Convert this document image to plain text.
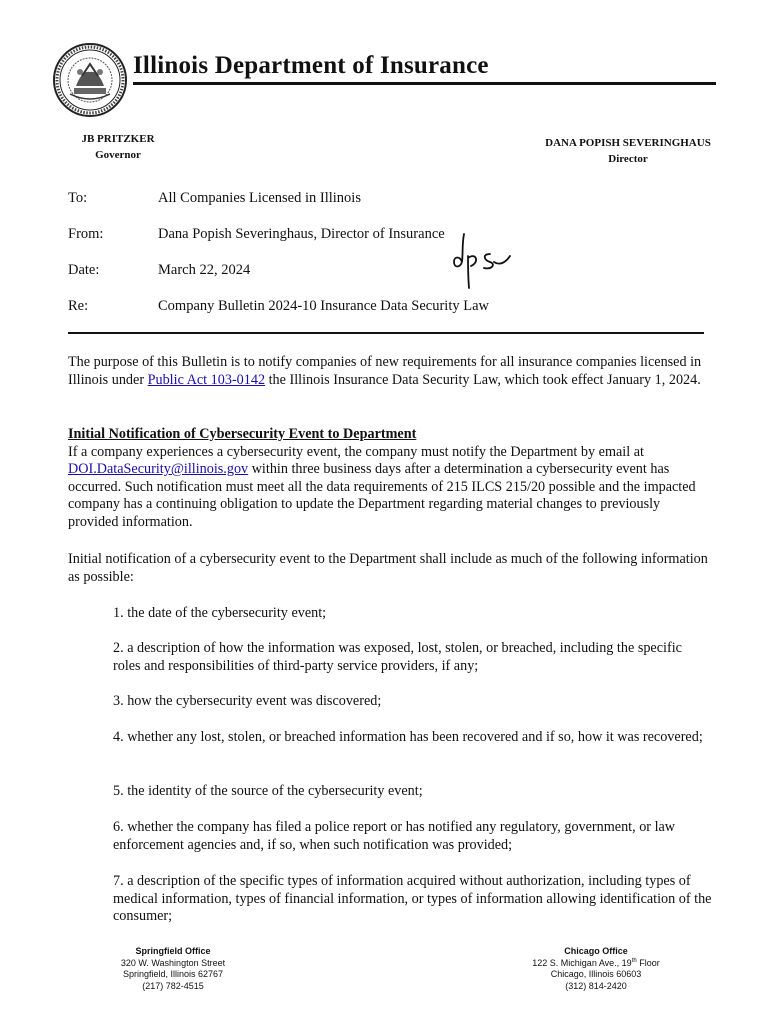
Illinois Department of Insurance
JB PRITZKER
Governor
DANA POPISH SEVERINGHAUS
Director
To:	All Companies Licensed in Illinois
From:	Dana Popish Severinghaus, Director of Insurance
Date:	March 22, 2024
Re:	Company Bulletin 2024-10 Insurance Data Security Law

The purpose of this Bulletin is to notify companies of new requirements for all insurance companies licensed in Illinois under Public Act 103-0142 the Illinois Insurance Data Security Law, which took effect January 1, 2024.

Initial Notification of Cybersecurity Event to Department
If a company experiences a cybersecurity event, the company must notify the Department by email at DOI.DataSecurity@illinois.gov within three business days after a determination a cybersecurity event has occurred. Such notification must meet all the data requirements of 215 ILCS 215/20 possible and the impacted company has a continuing obligation to update the Department regarding material changes to previously provided information.

Initial notification of a cybersecurity event to the Department shall include as much of the following information as possible:

1. the date of the cybersecurity event;

2. a description of how the information was exposed, lost, stolen, or breached, including the specific roles and responsibilities of third-party service providers, if any;

3. how the cybersecurity event was discovered;

4. whether any lost, stolen, or breached information has been recovered and if so, how it was recovered;

5. the identity of the source of the cybersecurity event;

6. whether the company has filed a police report or has notified any regulatory, government, or law enforcement agencies and, if so, when such notification was provided;

7. a description of the specific types of information acquired without authorization, including types of medical information, types of financial information, or types of information allowing identification of the consumer;

Springfield Office
320 W. Washington Street
Springfield, Illinois 62767
(217) 782-4515
Chicago Office
122 S. Michigan Ave., 19th Floor
Chicago, Illinois 60603
(312) 814-2420
